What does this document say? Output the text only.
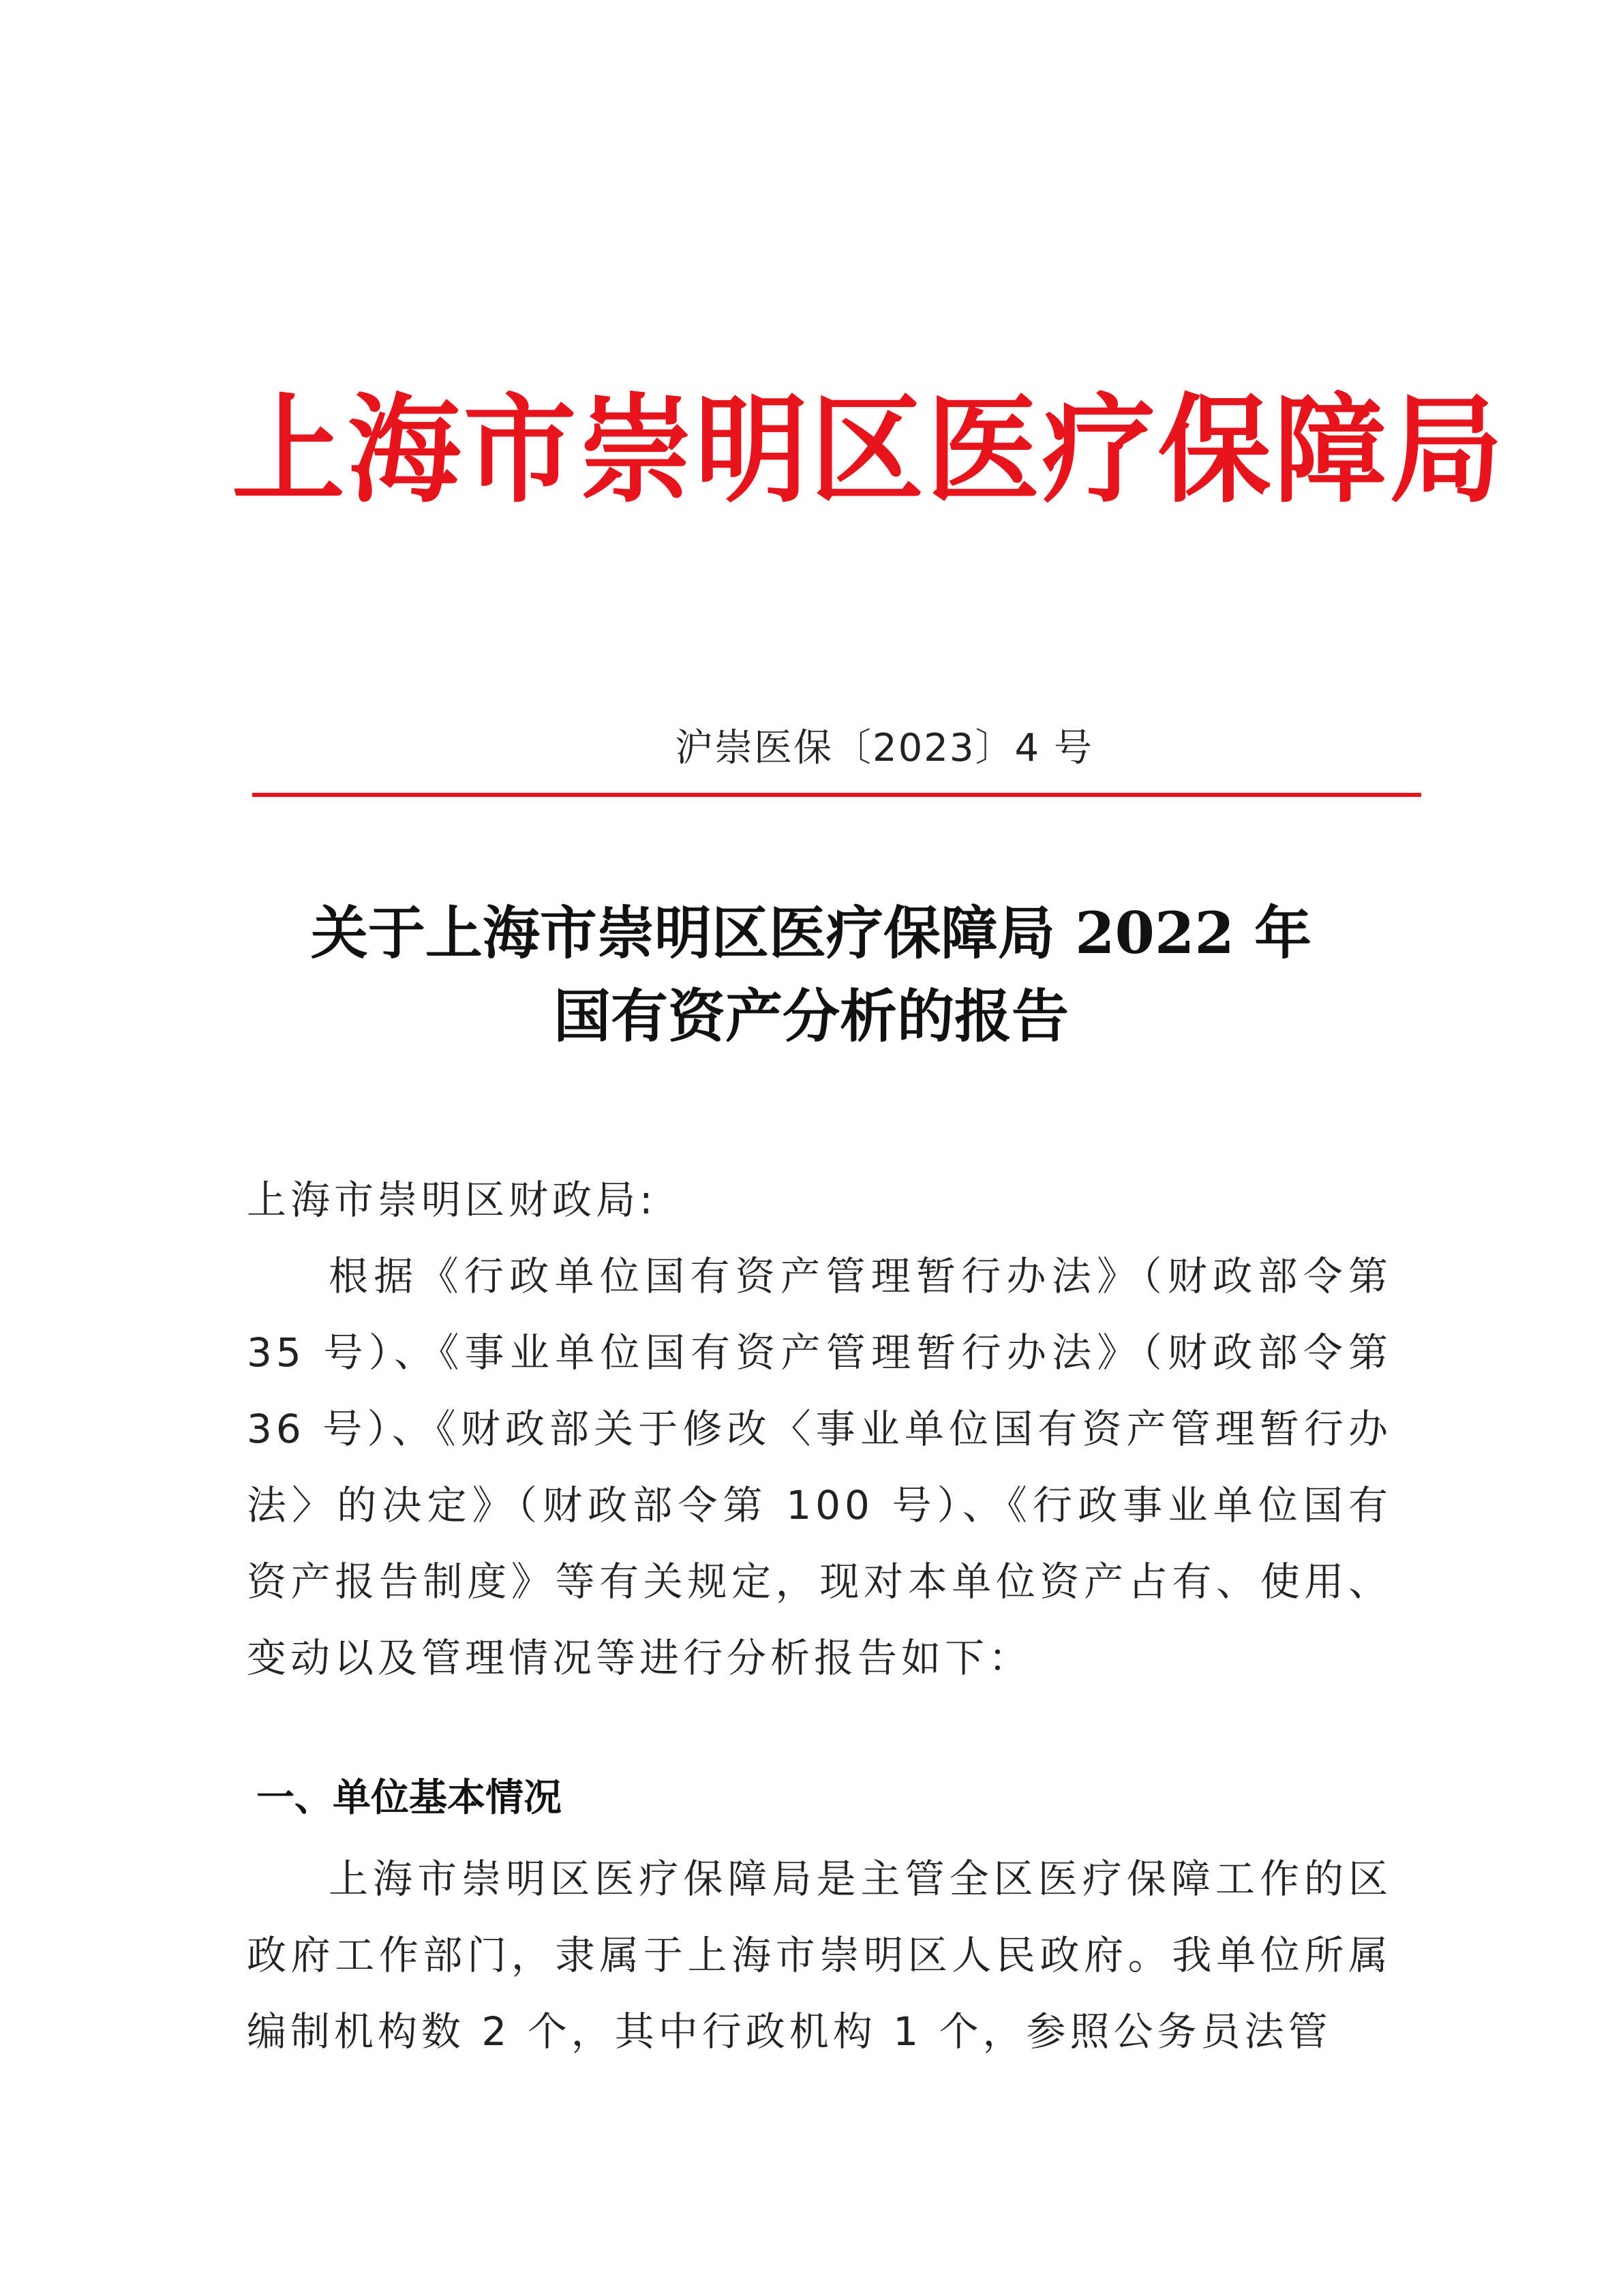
上海市崇明区医疗保障局
沪崇医保〔2023〕4 号
关于上海市崇明区医疗保障局 2022 年
国有资产分析的报告
上海市崇明区财政局:
根据《行政单位国有资产管理暂行办法》（财政部令第 35 号）、《事业单位国有资产管理暂行办法》（财政部令第 36 号）、《财政部关于修改〈事业单位国有资产管理暂行办法〉的决定》（财政部令第 100 号）、《行政事业单位国有资产报告制度》等有关规定，现对本单位资产占有、使用、变动以及管理情况等进行分析报告如下：
一、单位基本情况
上海市崇明区医疗保障局是主管全区医疗保障工作的区政府工作部门，隶属于上海市崇明区人民政府。我单位所属编制机构数 2 个，其中行政机构 1 个，参照公务员法管
